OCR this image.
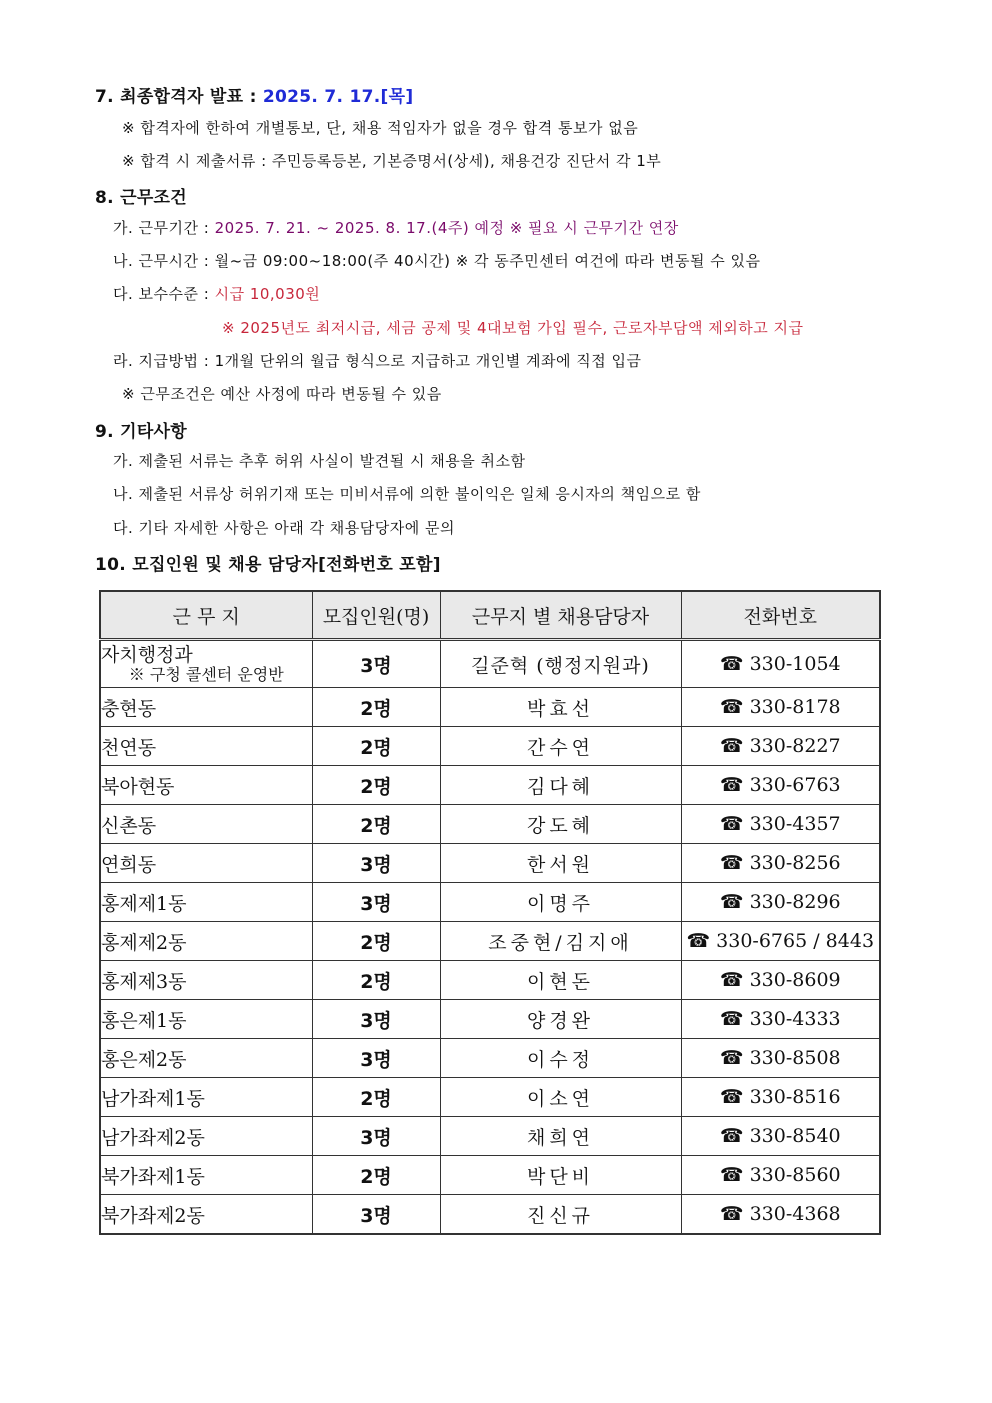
7. 최종합격자 발표 : 2025. 7. 17.[목]
※ 합격자에 한하여 개별통보, 단, 채용 적임자가 없을 경우 합격 통보가 없음
※ 합격 시 제출서류 : 주민등록등본, 기본증명서(상세), 채용건강 진단서 각 1부
8. 근무조건
가. 근무기간 : 2025. 7. 21. ~ 2025. 8. 17.(4주) 예정 ※ 필요 시 근무기간 연장
나. 근무시간 : 월~금 09:00~18:00(주 40시간) ※ 각 동주민센터 여건에 따라 변동될 수 있음
다. 보수수준 : 시급 10,030원
※ 2025년도 최저시급, 세금 공제 및 4대보험 가입 필수, 근로자부담액 제외하고 지급
라. 지급방법 : 1개월 단위의 월급 형식으로 지급하고 개인별 계좌에 직접 입금
※ 근무조건은 예산 사정에 따라 변동될 수 있음
9. 기타사항
가. 제출된 서류는 추후 허위 사실이 발견될 시 채용을 취소함
나. 제출된 서류상 허위기재 또는 미비서류에 의한 불이익은 일체 응시자의 책임으로 함
다. 기타 자세한 사항은 아래 각 채용담당자에 문의
10. 모집인원 및 채용 담당자[전화번호 포함]
근 무 지	모집인원(명)	근무지 별 채용담당자	전화번호

자치행정과
※ 구청 콜센터 운영반	3명	길준혁 (행정지원과)	☎ 330-1054
충현동	2명	박효선	☎ 330-8178
천연동	2명	간수연	☎ 330-8227
북아현동	2명	김다혜	☎ 330-6763
신촌동	2명	강도혜	☎ 330-4357
연희동	3명	한서원	☎ 330-8256
홍제제1동	3명	이명주	☎ 330-8296
홍제제2동	2명	조중현/김지애	☎ 330-6765 / 8443
홍제제3동	2명	이현돈	☎ 330-8609
홍은제1동	3명	양경완	☎ 330-4333
홍은제2동	3명	이수정	☎ 330-8508
남가좌제1동	2명	이소연	☎ 330-8516
남가좌제2동	3명	채희연	☎ 330-8540
북가좌제1동	2명	박단비	☎ 330-8560
북가좌제2동	3명	진신규	☎ 330-4368
